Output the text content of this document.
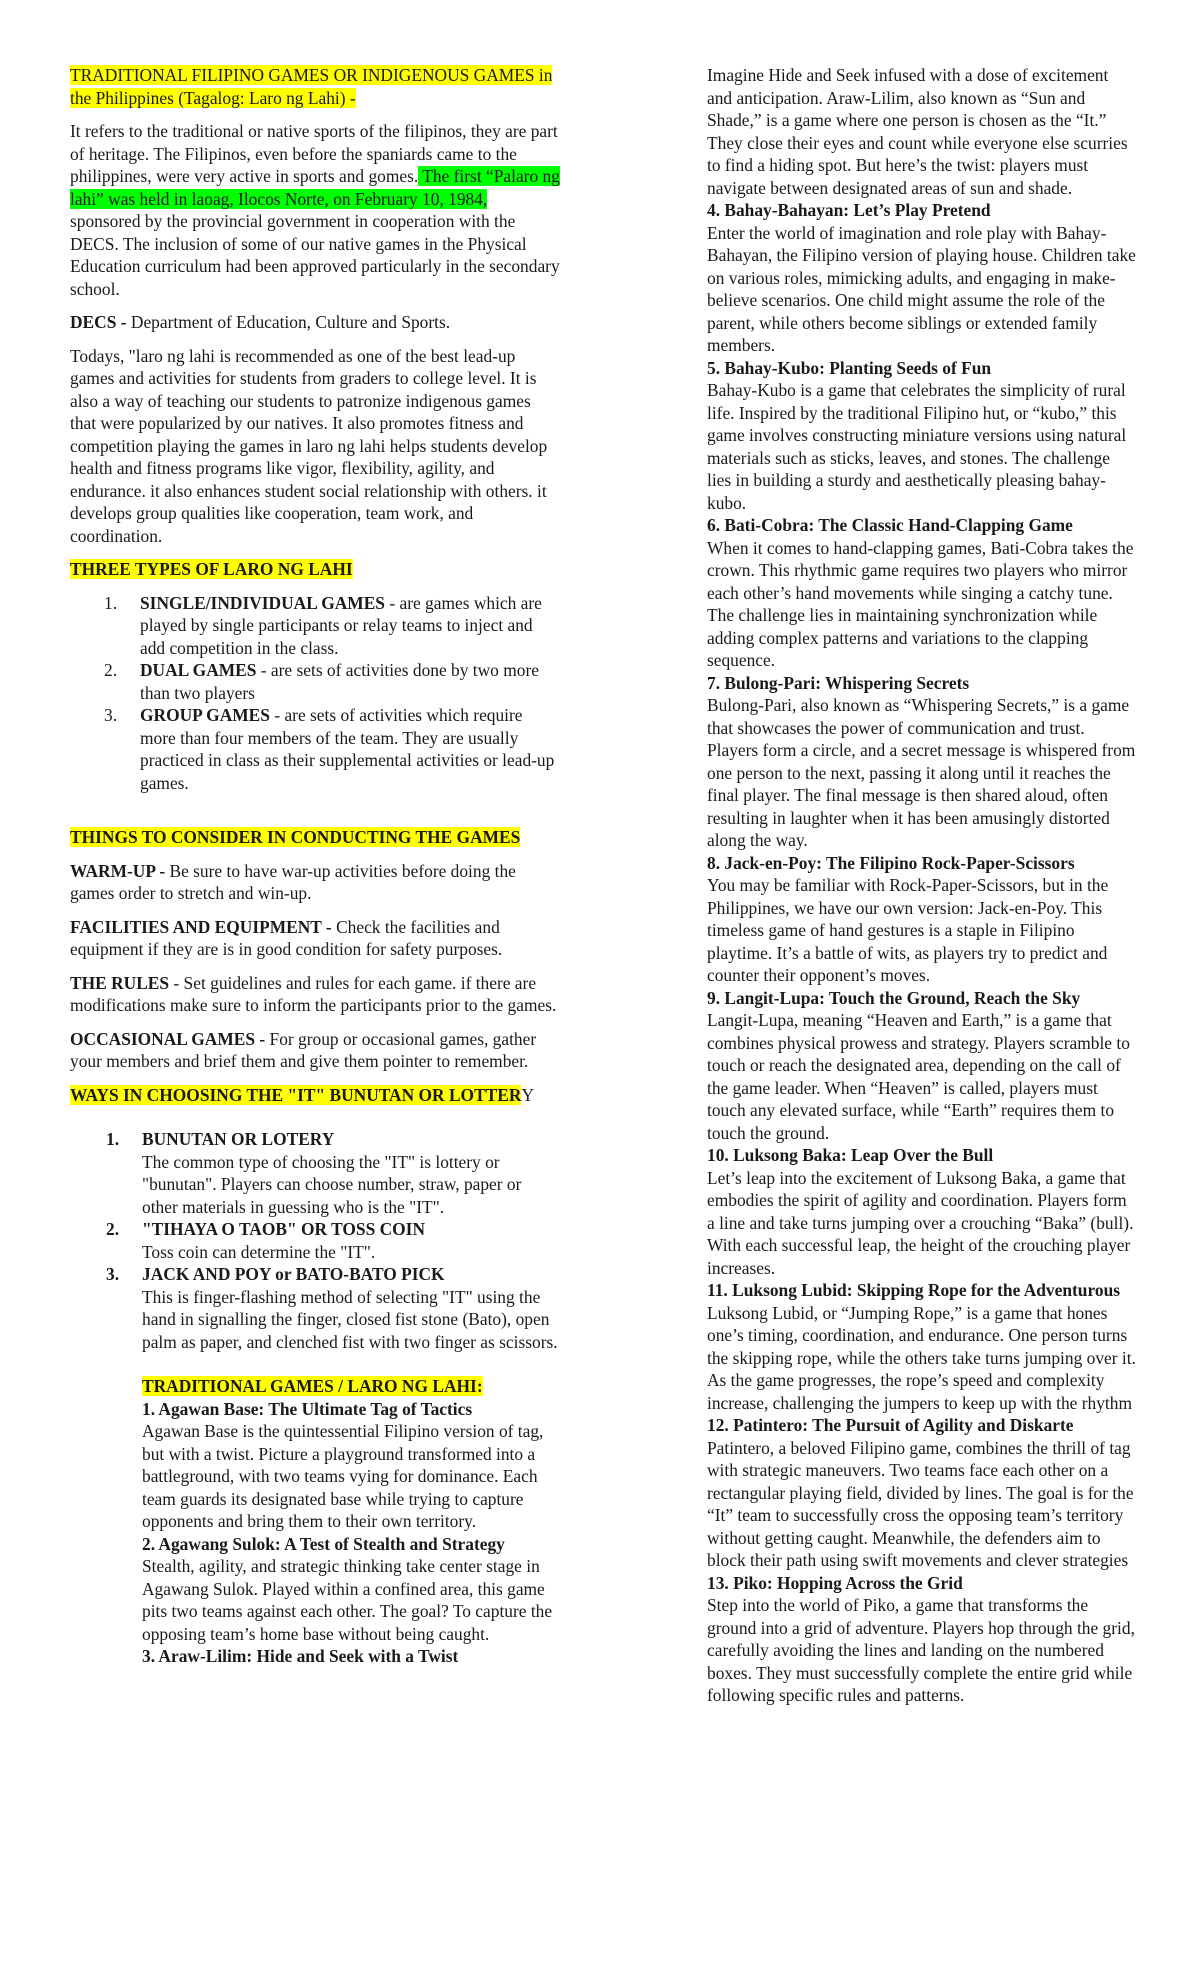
TRADITIONAL FILIPINO GAMES OR INDIGENOUS GAMES in the Philippines (Tagalog: Laro ng Lahi) -

It refers to the traditional or native sports of the filipinos, they are part of heritage. The Filipinos, even before the spaniards came to the philippines, were very active in sports and gomes. The first “Palaro ng lahi” was held in laoag, Ilocos Norte, on February 10, 1984, sponsored by the provincial government in cooperation with the DECS. The inclusion of some of our native games in the Physical Education curriculum had been approved particularly in the secondary school.

DECS - Department of Education, Culture and Sports.

Todays, "laro ng lahi is recommended as one of the best lead-up games and activities for students from graders to college level. It is also a way of teaching our students to patronize indigenous games that were popularized by our natives. It also promotes fitness and competition playing the games in laro ng lahi helps students develop health and fitness programs like vigor, flexibility, agility, and endurance. it also enhances student social relationship with others. it develops group qualities like cooperation, team work, and coordination.

THREE TYPES OF LARO NG LAHI

1. SINGLE/INDIVIDUAL GAMES - are games which are played by single participants or relay teams to inject and add competition in the class.
2. DUAL GAMES - are sets of activities done by two more than two players
3. GROUP GAMES - are sets of activities which require more than four members of the team. They are usually practiced in class as their supplemental activities or lead-up games.

THINGS TO CONSIDER IN CONDUCTING THE GAMES

WARM-UP - Be sure to have war-up activities before doing the games order to stretch and win-up.

FACILITIES AND EQUIPMENT - Check the facilities and equipment if they are is in good condition for safety purposes.

THE RULES - Set guidelines and rules for each game. if there are modifications make sure to inform the participants prior to the games.

OCCASIONAL GAMES - For group or occasional games, gather your members and brief them and give them pointer to remember.

WAYS IN CHOOSING THE "IT" BUNUTAN OR LOTTERY

1. BUNUTAN OR LOTERY
The common type of choosing the "IT" is lottery or "bunutan". Players can choose number, straw, paper or other materials in guessing who is the "IT".
2. "TIHAYA O TAOB" OR TOSS COIN
Toss coin can determine the "IT".
3. JACK AND POY or BATO-BATO PICK
This is finger-flashing method of selecting "IT" using the hand in signalling the finger, closed fist stone (Bato), open palm as paper, and clenched fist with two finger as scissors.

TRADITIONAL GAMES / LARO NG LAHI:

1. Agawan Base: The Ultimate Tag of Tactics

Agawan Base is the quintessential Filipino version of tag, but with a twist. Picture a playground transformed into a battleground, with two teams vying for dominance. Each team guards its designated base while trying to capture opponents and bring them to their own territory.

2. Agawang Sulok: A Test of Stealth and Strategy

Stealth, agility, and strategic thinking take center stage in Agawang Sulok. Played within a confined area, this game pits two teams against each other. The goal? To capture the opposing team’s home base without being caught.

3. Araw-Lilim: Hide and Seek with a Twist

Imagine Hide and Seek infused with a dose of excitement and anticipation. Araw-Lilim, also known as “Sun and Shade,” is a game where one person is chosen as the “It.” They close their eyes and count while everyone else scurries to find a hiding spot. But here’s the twist: players must navigate between designated areas of sun and shade.

4. Bahay-Bahayan: Let’s Play Pretend

Enter the world of imagination and role play with Bahay-Bahayan, the Filipino version of playing house. Children take on various roles, mimicking adults, and engaging in make-believe scenarios. One child might assume the role of the parent, while others become siblings or extended family members.

5. Bahay-Kubo: Planting Seeds of Fun

Bahay-Kubo is a game that celebrates the simplicity of rural life. Inspired by the traditional Filipino hut, or “kubo,” this game involves constructing miniature versions using natural materials such as sticks, leaves, and stones. The challenge lies in building a sturdy and aesthetically pleasing bahay-kubo.

6. Bati-Cobra: The Classic Hand-Clapping Game

When it comes to hand-clapping games, Bati-Cobra takes the crown. This rhythmic game requires two players who mirror each other’s hand movements while singing a catchy tune. The challenge lies in maintaining synchronization while adding complex patterns and variations to the clapping sequence.

7. Bulong-Pari: Whispering Secrets

Bulong-Pari, also known as “Whispering Secrets,” is a game that showcases the power of communication and trust. Players form a circle, and a secret message is whispered from one person to the next, passing it along until it reaches the final player. The final message is then shared aloud, often resulting in laughter when it has been amusingly distorted along the way.

8. Jack-en-Poy: The Filipino Rock-Paper-Scissors

You may be familiar with Rock-Paper-Scissors, but in the Philippines, we have our own version: Jack-en-Poy. This timeless game of hand gestures is a staple in Filipino playtime. It’s a battle of wits, as players try to predict and counter their opponent’s moves.

9. Langit-Lupa: Touch the Ground, Reach the Sky

Langit-Lupa, meaning “Heaven and Earth,” is a game that combines physical prowess and strategy. Players scramble to touch or reach the designated area, depending on the call of the game leader. When “Heaven” is called, players must touch any elevated surface, while “Earth” requires them to touch the ground.

10. Luksong Baka: Leap Over the Bull

Let’s leap into the excitement of Luksong Baka, a game that embodies the spirit of agility and coordination. Players form a line and take turns jumping over a crouching “Baka” (bull). With each successful leap, the height of the crouching player increases.

11. Luksong Lubid: Skipping Rope for the Adventurous

Luksong Lubid, or “Jumping Rope,” is a game that hones one’s timing, coordination, and endurance. One person turns the skipping rope, while the others take turns jumping over it. As the game progresses, the rope’s speed and complexity increase, challenging the jumpers to keep up with the rhythm

12. Patintero: The Pursuit of Agility and Diskarte

Patintero, a beloved Filipino game, combines the thrill of tag with strategic maneuvers. Two teams face each other on a rectangular playing field, divided by lines. The goal is for the “It” team to successfully cross the opposing team’s territory without getting caught. Meanwhile, the defenders aim to block their path using swift movements and clever strategies

13. Piko: Hopping Across the Grid

Step into the world of Piko, a game that transforms the ground into a grid of adventure. Players hop through the grid, carefully avoiding the lines and landing on the numbered boxes. They must successfully complete the entire grid while following specific rules and patterns.
